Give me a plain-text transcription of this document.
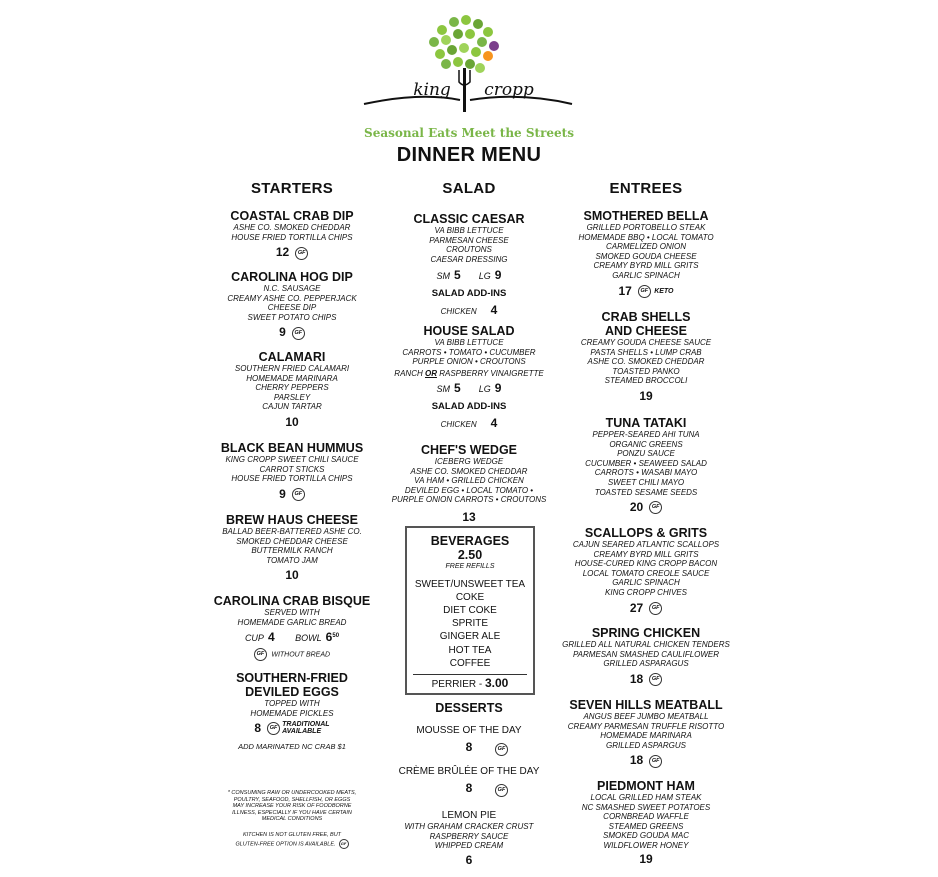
king	cropp
Seasonal Eats Meet the Streets
DINNER MENU
STARTERS
COASTAL CRAB DIP
ASHE CO. SMOKED CHEDDAR
HOUSE FRIED TORTILLA CHIPS
12 GF
CAROLINA HOG DIP
N.C. SAUSAGE
CREAMY ASHE CO. PEPPERJACK
CHEESE DIP
SWEET POTATO CHIPS
9 GF
CALAMARI
SOUTHERN FRIED CALAMARI
HOMEMADE MARINARA
CHERRY PEPPERS
PARSLEY
CAJUN TARTAR
10
BLACK BEAN HUMMUS
KING CROPP SWEET CHILI SAUCE
CARROT STICKS
HOUSE FRIED TORTILLA CHIPS
9 GF
BREW HAUS CHEESE
BALLAD BEER-BATTERED ASHE CO.
SMOKED CHEDDAR CHEESE
BUTTERMILK RANCH
TOMATO JAM
10
CAROLINA CRAB BISQUE
SERVED WITH
HOMEMADE GARLIC BREAD
CUP 4 BOWL $6^{50}$
GF WITHOUT BREAD
SOUTHERN-FRIED
DEVILED EGGS
TOPPED WITH
HOMEMADE PICKLES
8	GF TRADITIONAL
AVAILABLE
ADD MARINATED NC CRAB $1
* CONSUMING RAW OR UNDERCOOKED MEATS,
POULTRY, SEAFOOD, SHELLFISH, OR EGGS
MAY INCREASE YOUR RISK OF FOODBORNE
ILLNESS, ESPECIALLY IF YOU HAVE CERTAIN
MEDICAL CONDITIONS
KITCHEN IS NOT GLUTEN FREE, BUT
GLUTEN-FREE OPTION IS AVAILABLE. GF
SALAD
CLASSIC CAESAR
VA BIBB LETTUCE
PARMESAN CHEESE
CROUTONS
CAESAR DRESSING
SM 5 LG 9
SALAD ADD-INS
CHICKEN 4
HOUSE SALAD
VA BIBB LETTUCE
CARROTS • TOMATO • CUCUMBER
PURPLE ONION • CROUTONS
RANCH OR RASPBERRY VINAIGRETTE
SM 5 LG 9
SALAD ADD-INS
CHICKEN 4
CHEF'S WEDGE
ICEBERG WEDGE
ASHE CO. SMOKED CHEDDAR
VA HAM • GRILLED CHICKEN
DEVILED EGG • LOCAL TOMATO •
PURPLE ONION CARROTS • CROUTONS
13
BEVERAGES
2.50
FREE REFILLS
SWEET/UNSWEET TEA
COKE
DIET COKE
SPRITE
GINGER ALE
HOT TEA
COFFEE
PERRIER - 3.00
DESSERTS
MOUSSE OF THE DAY
8	GF
CRÈME BRÛLÉE OF THE DAY
8	GF
LEMON PIE
WITH GRAHAM CRACKER CRUST
RASPBERRY SAUCE
WHIPPED CREAM
6
ENTREES
SMOTHERED BELLA
GRILLED PORTOBELLO STEAK
HOMEMADE BBQ • LOCAL TOMATO
CARMELIZED ONION
SMOKED GOUDA CHEESE
CREAMY BYRD MILL GRITS
GARLIC SPINACH
17 GF KETO
CRAB SHELLS
AND CHEESE
CREAMY GOUDA CHEESE SAUCE
PASTA SHELLS • LUMP CRAB
ASHE CO. SMOKED CHEDDAR
TOASTED PANKO
STEAMED BROCCOLI
19
TUNA TATAKI
PEPPER-SEARED AHI TUNA
ORGANIC GREENS
PONZU SAUCE
CUCUMBER • SEAWEED SALAD
CARROTS • WASABI MAYO
SWEET CHILI MAYO
TOASTED SESAME SEEDS
20 GF
SCALLOPS & GRITS
CAJUN SEARED ATLANTIC SCALLOPS
CREAMY BYRD MILL GRITS
HOUSE-CURED KING CROPP BACON
LOCAL TOMATO CREOLE SAUCE
GARLIC SPINACH
KING CROPP CHIVES
27 GF
SPRING CHICKEN
GRILLED ALL NATURAL CHICKEN TENDERS
PARMESAN SMASHED CAULIFLOWER
GRILLED ASPARAGUS
18 GF
SEVEN HILLS MEATBALL
ANGUS BEEF JUMBO MEATBALL
CREAMY PARMESAN TRUFFLE RISOTTO
HOMEMADE MARINARA
GRILLED ASPARGUS
18 GF
PIEDMONT HAM
LOCAL GRILLED HAM STEAK
NC SMASHED SWEET POTATOES
CORNBREAD WAFFLE
STEAMED GREENS
SMOKED GOUDA MAC
WILDFLOWER HONEY
19
